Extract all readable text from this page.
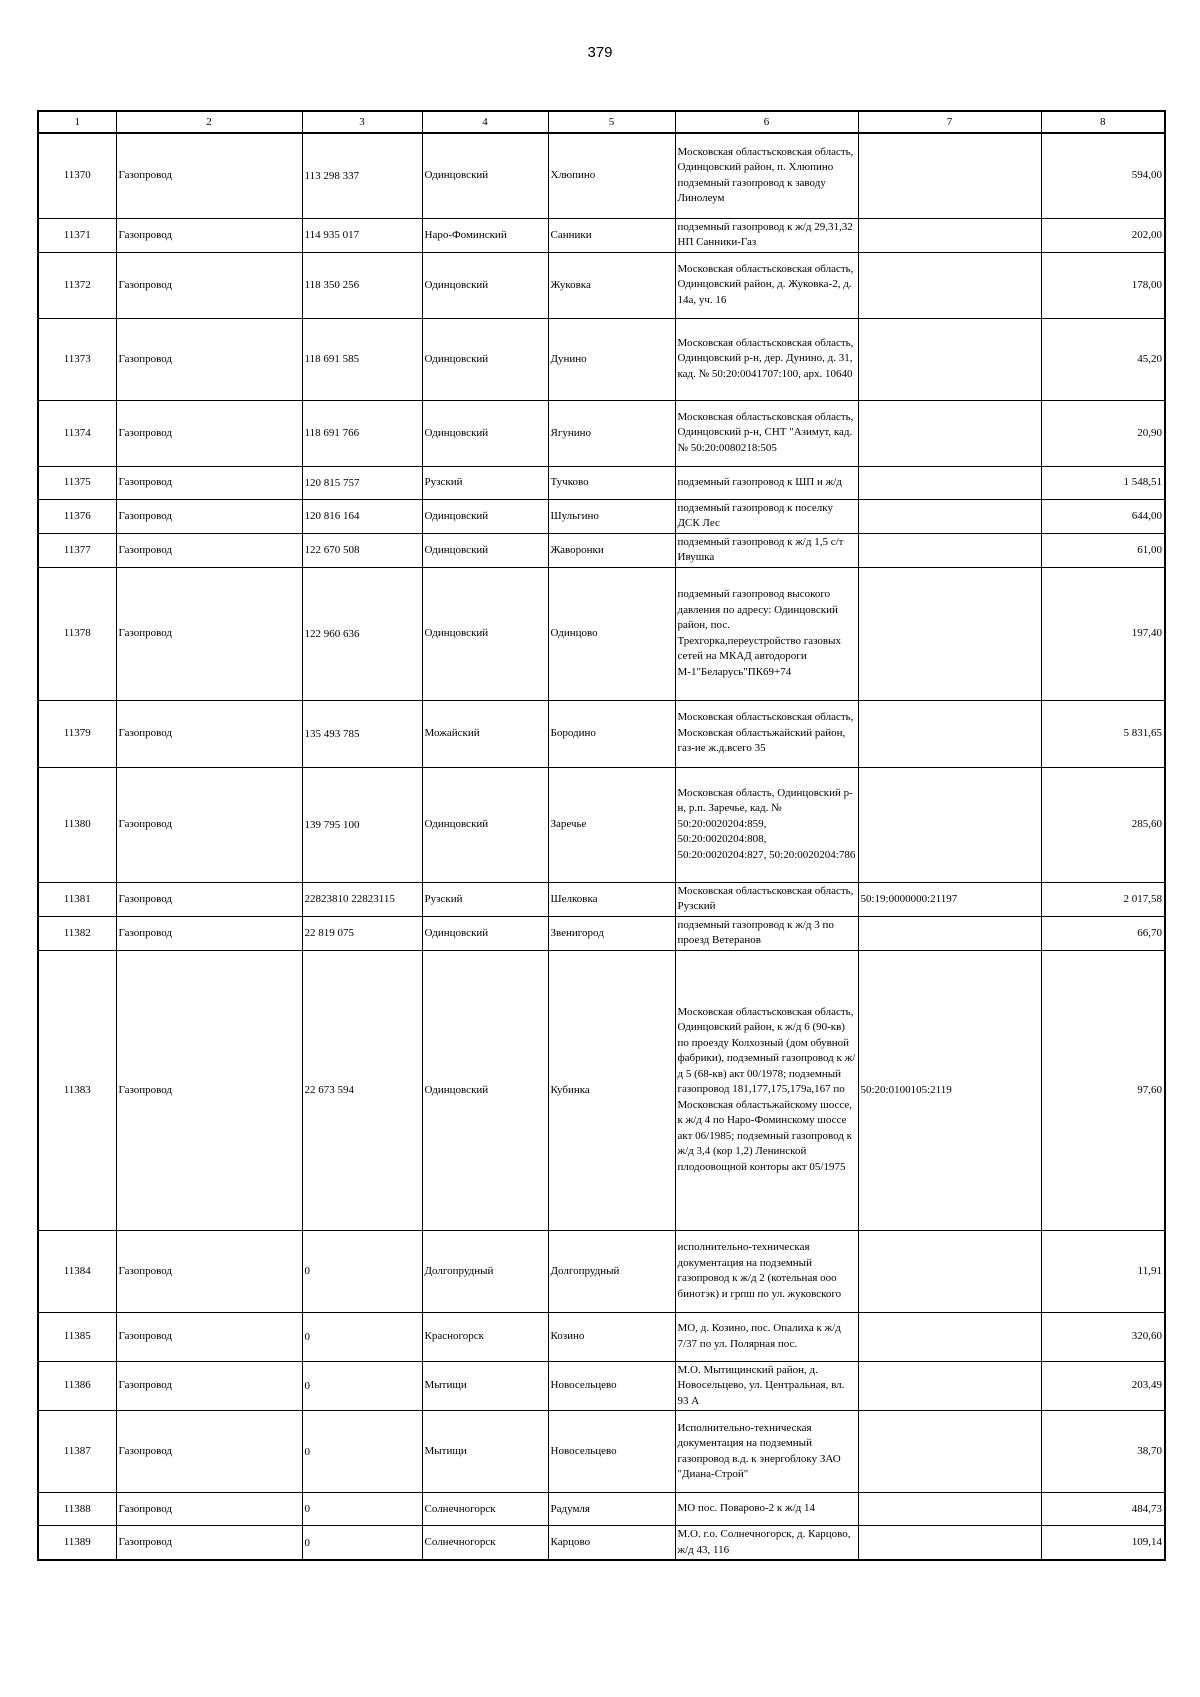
379
1	2	3	4	5	6	7	8
11370	Газопровод	113 298 337	Одинцовский	Хлюпино	Московская областьсковская область, Одинцовский район, п. Хлюпино подземный газопровод к заводу Линолеум		594,00
11371	Газопровод	114 935 017	Наро-Фоминский	Санники	подземный газопровод к ж/д 29,31,32 НП Санники-Газ		202,00
11372	Газопровод	118 350 256	Одинцовский	Жуковка	Московская областьсковская область, Одинцовский район, д. Жуковка-2, д. 14а, уч. 16		178,00
11373	Газопровод	118 691 585	Одинцовский	Дунино	Московская областьсковская область, Одинцовский р-н, дер. Дунино, д. 31, кад. № 50:20:0041707:100, арх. 10640		45,20
11374	Газопровод	118 691 766	Одинцовский	Ягунино	Московская областьсковская область, Одинцовский р-н, СНТ "Азимут, кад. № 50:20:0080218:505		20,90
11375	Газопровод	120 815 757	Рузский	Тучково	подземный газопровод к ШП и ж/д		1 548,51
11376	Газопровод	120 816 164	Одинцовский	Шульгино	подземный газопровод к поселку ДСК Лес		644,00
11377	Газопровод	122 670 508	Одинцовский	Жаворонки	подземный газопровод к ж/д 1,5 с/т Ивушка		61,00
11378	Газопровод	122 960 636	Одинцовский	Одинцово	подземный газопровод высокого давления по адресу: Одинцовский район, пос. Трехгорка,переустройство газовых сетей на МКАД автодороги М-1"Беларусь"ПК69+74		197,40
11379	Газопровод	135 493 785	Можайский	Бородино	Московская областьсковская область, Московская областьжайский район, газ-ие ж.д.всего 35		5 831,65
11380	Газопровод	139 795 100	Одинцовский	Заречье	Московская область, Одинцовский р-н, р.п. Заречье, кад. № 50:20:0020204:859, 50:20:0020204:808, 50:20:0020204:827, 50:20:0020204:786		285,60
11381	Газопровод	22823810 22823115	Рузский	Шелковка	Московская областьсковская область, Рузский	50:19:0000000:21197	2 017,58
11382	Газопровод	22 819 075	Одинцовский	Звенигород	подземный газопровод к ж/д 3 по проезд Ветеранов		66,70
11383	Газопровод	22 673 594	Одинцовский	Кубинка	Московская областьсковская область, Одинцовский район, к ж/д 6 (90-кв) по проезду Колхозный (дом обувной фабрики), подземный газопровод к ж/д 5 (68-кв) акт 00/1978; подземный газопровод 181,177,175,179а,167 по Московская областьжайскому шоссе, к ж/д 4 по Наро-Фоминскому шоссе акт 06/1985; подземный газопровод к ж/д 3,4 (кор 1,2) Ленинской плодоовощной конторы акт 05/1975	50:20:0100105:2119	97,60
11384	Газопровод	0	Долгопрудный	Долгопрудный	исполнительно-техническая документация на подземный газопровод к ж/д 2 (котельная ооо бинотэк) и грпш по ул. жуковского		11,91
11385	Газопровод	0	Красногорск	Козино	МО, д. Козино, пос. Опалиха к ж/д 7/37 по ул. Полярная пос.		320,60
11386	Газопровод	0	Мытищи	Новосельцево	М.О. Мытищинский район, д. Новосельцево, ул. Центральная, вл. 93 А		203,49
11387	Газопровод	0	Мытищи	Новосельцево	Исполнительно-техническая документация на подземный газопровод в.д. к энергоблоку ЗАО "Диана-Строй"		38,70
11388	Газопровод	0	Солнечногорск	Радумля	МО пос. Поварово-2 к ж/д 14		484,73
11389	Газопровод	0	Солнечногорск	Карцово	М.О. г.о. Солнечногорск, д. Карцово, ж/д 43, 116		109,14
